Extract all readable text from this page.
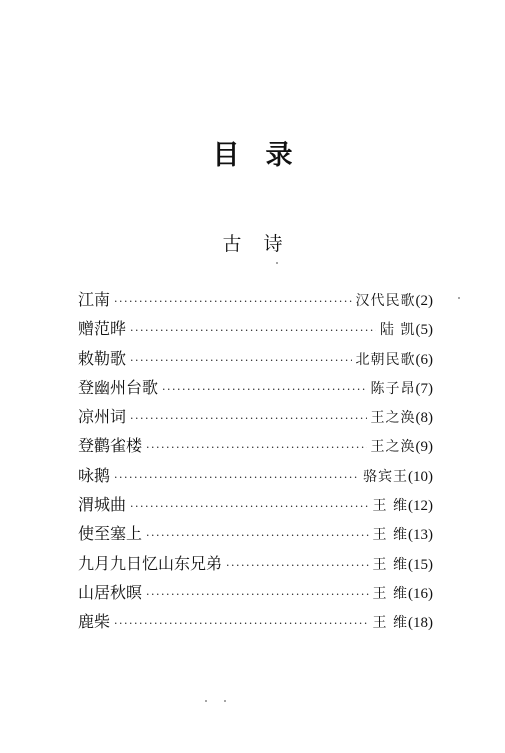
目录
古诗
江南 ·····	汉代民歌(2)
赠范晔 ·····	陆 凯(5)
敕勒歌 ·····	北朝民歌(6)
登幽州台歌 ·····	陈子昂(7)
凉州词 ·····	王之涣(8)
登鹳雀楼 ·····	王之涣(9)
咏鹅 ·····	骆宾王(10)
渭城曲 ·····	王 维(12)
使至塞上 ·····	王 维(13)
九月九日忆山东兄弟 ·····	王 维(15)
山居秋暝 ·····	王 维(16)
鹿柴 ·····	王 维(18)
